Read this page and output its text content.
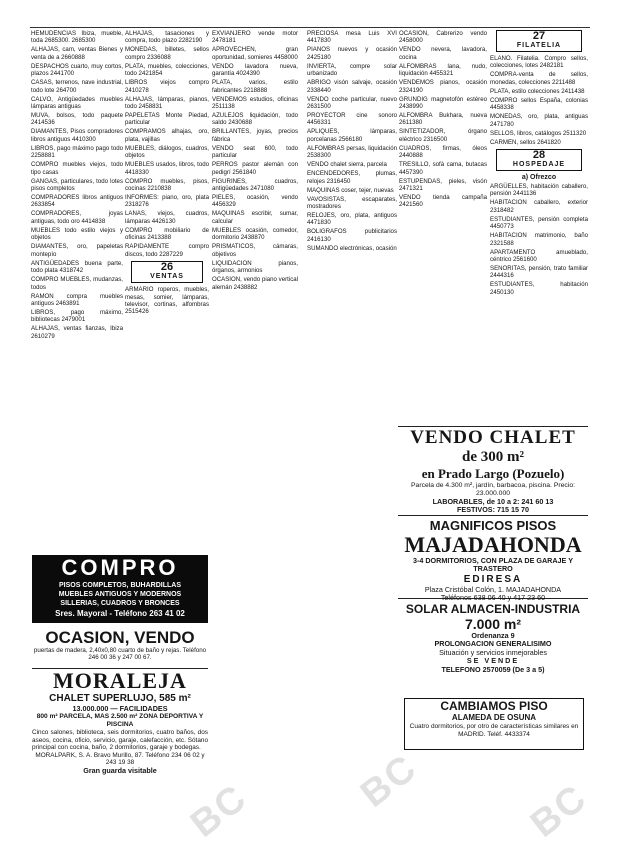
HEMUDENCIAS Ibiza, mueble, toda 2685300. 2685300

ALHAJAS, cam, ventas Bienes y venta de a 2660888

DESPACHOS cuarto, muy cortos, plazos 2441700

CASAS, terrenos, nave industrial, todo lote 264700

CALVO, Antigüedades muebles lámparas antiguas

MUVA, bolsos, todo paquete 2414536

DIAMANTES, Pisos compradores libros antiguos 4410300

LIBROS, pago máximo pago todo 2258881

COMPRO muebles viejos, todo tipo casas

GANGAS, particulares, todo lotes pisos completos

COMPRADORES libros antiguos 2633854

COMPRADORES, joyas antiguas, todo oro 4414838

MUEBLES todo estilo viejos y objetos

DIAMANTES, oro, papeletas montepío

ANTIGÜEDADES buena parte, todo plata 4318742

COMPRO MUEBLES, mudanzas, todos

RAMON compra muebles antiguos 2463891

LIBROS, pago máximo, bibliotecas 2479001

ALHAJAS, ventas fianzas, Ibiza 2610279

ALHAJAS, tasaciones y compra, todo plazo 2282190

MONEDAS, billetes, sellos compro 2336088

PLATA, muebles, colecciones, todo 2421854

LIBROS viejos compro 2410278

ALHAJAS, lámparas, pianos, todo 2458831

PAPELETAS Monte Piedad, particular

COMPRAMOS alhajas, oro, plata, vajillas

MUEBLES, diálogos, cuadros, objetos

MUEBLES usados, libros, todo 4418330

COMPRO muebles, pisos, cocinas 2210838

INFORMES: piano, oro, plata 2318276

LANAS, viejos, cuadros, lámparas 4426130

COMPRO mobiliario de oficinas 2413388

RAPIDAMENTE compro discos, todo 2287229

26
VENTAS

ARMARIO roperos, muebles, mesas, somier, lámparas, televisor, cortinas, alfombras 2515426

EXVIANJERO vende motor 2478181

APROVECHEN, gran oportunidad, somieres 4458000

VENDO lavadora nueva, garantía 4024390

PLATA, varios, estilo fabricantes 2218888

VENDEMOS estudios, oficinas 2511138

AZULEJOS liquidación, todo saldo 2430688

BRILLANTES, joyas, precios fábrica

VENDO seat 600, todo particular

PERROS pastor alemán con pedigrí 2561840

FIGURINES, cuadros, antigüedades 2471080

PIELES, ocasión, vendo 4456329

MAQUINAS escribir, sumar, calcular

MUEBLES ocasión, comedor, dormitorio 2438870

PRISMATICOS, cámaras, objetivos

LIQUIDACION pianos, órganos, armonios

OCASION, vendo piano vertical alemán 2438882

PRECIOSA mesa Luis XVI 4417830

PIANOS nuevos y ocasión 2425180

INVIERTA, compre solar urbanizado

ABRIGO visón salvaje, ocasión 2338440

VENDO coche particular, nuevo 2631500

PROYECTOR cine sonoro 4456331

APLIQUES, lámparas, porcelanas 2566180

ALFOMBRAS persas, liquidación 2538300

VENDO chalet sierra, parcela

ENCENDEDORES, plumas, relojes 2316450

MAQUINAS coser, tejer, nuevas

VAVOSISTAS, escaparates, mostradores

RELOJES, oro, plata, antiguos 4471830

BOLIGRAFOS publicitarios 2416130

SUMANDO electrónicas, ocasión

OCASION, Cabrerizo vendo 2458000

VENDO nevera, lavadora, cocina

ALFOMBRAS lana, nudo, liquidación 4455321

VENDEMOS pianos, ocasión 2324190

GRUNDIG magnetofón estéreo 2438990

ALFOMBRA Bukhara, nueva 2611380

SINTETIZADOR, órgano eléctrico 2316500

CUADROS, firmas, óleos 2440888

TRESILLO, sofá cama, butacas 4457390

ESTUPENDAS, pieles, visón 2471321

VENDO tienda campaña 2421560

27
FILATELIA

ELANO. Filatelia. Compro sellos, colecciones, lotes 2482181

COMPRA-venta de sellos, monedas, colecciones 2211488

PLATA, estilo colecciones 2411438

COMPRO sellos España, colonias 4458338

MONEDAS, oro, plata, antiguas 2471780

SELLOS, libros, catálogos 2511320

CARMEN, sellos 2641820

28
HOSPEDAJE

a) Ofrezco

ARGÜELLES, habitación caballero, pensión 2441136

HABITACION caballero, exterior 2318482

ESTUDIANTES, pensión completa 4450773

HABITACION matrimonio, baño 2321588

APARTAMENTO amueblado, céntrico 2561600

SENORITAS, pensión, trato familiar 2444316

ESTUDIANTES, habitación 2450130

COMPRO
PISOS COMPLETOS, BUHARDILLAS
MUEBLES ANTIGUOS Y MODERNOS
SILLERIAS, CUADROS Y BRONCES
Sres. Mayoral - Teléfono 263 41 02
OCASION, VENDO
puertas de madera, 2,40x0,80 cuarto de baño y rejas. Teléfono 246 00 36 y 247 00 67.
MORALEJA
CHALET SUPERLUJO, 585 m²
13.000.000 — FACILIDADES
800 m² PARCELA, MAS 2.500 m² ZONA DEPORTIVA Y PISCINA
Cinco salones, biblioteca, seis dormitorios, cuatro baños, dos aseos, cocina, oficio, servicio, garaje, calefacción, etc. Sótano principal con cocina, baño, 2 dormitorios, garaje y bodegas.
MORALPARK, S. A. Bravo Murillo, 87. Teléfono 234 06 02 y 243 19 38
Gran guarda visitable
VENDO CHALET
de 300 m²
en Prado Largo (Pozuelo)
Parcela de 4.300 m², jardín, barbacoa, piscina. Precio: 23.000.000
LABORABLES, de 10 a 2: 241 60 13
FESTIVOS: 715 15 70
MAGNIFICOS PISOS
MAJADAHONDA
3-4 DORMITORIOS, CON PLAZA DE GARAJE Y TRASTERO
EDIRESA
Plaza Cristóbal Colón, 1. MAJADAHONDA
Teléfonos 638 06 40 y 417 23 60
SOLAR ALMACEN-INDUSTRIA
7.000 m²
Ordenanza 9
PROLONGACION GENERALISIMO
Situación y servicios inmejorables
SE VENDE
TELEFONO 2570059 (De 3 a 5)
CAMBIAMOS PISO
ALAMEDA DE OSUNA
Cuatro dormitorios, por otro de características similares en MADRID. Teléf. 4433374
BC	BC
BC
